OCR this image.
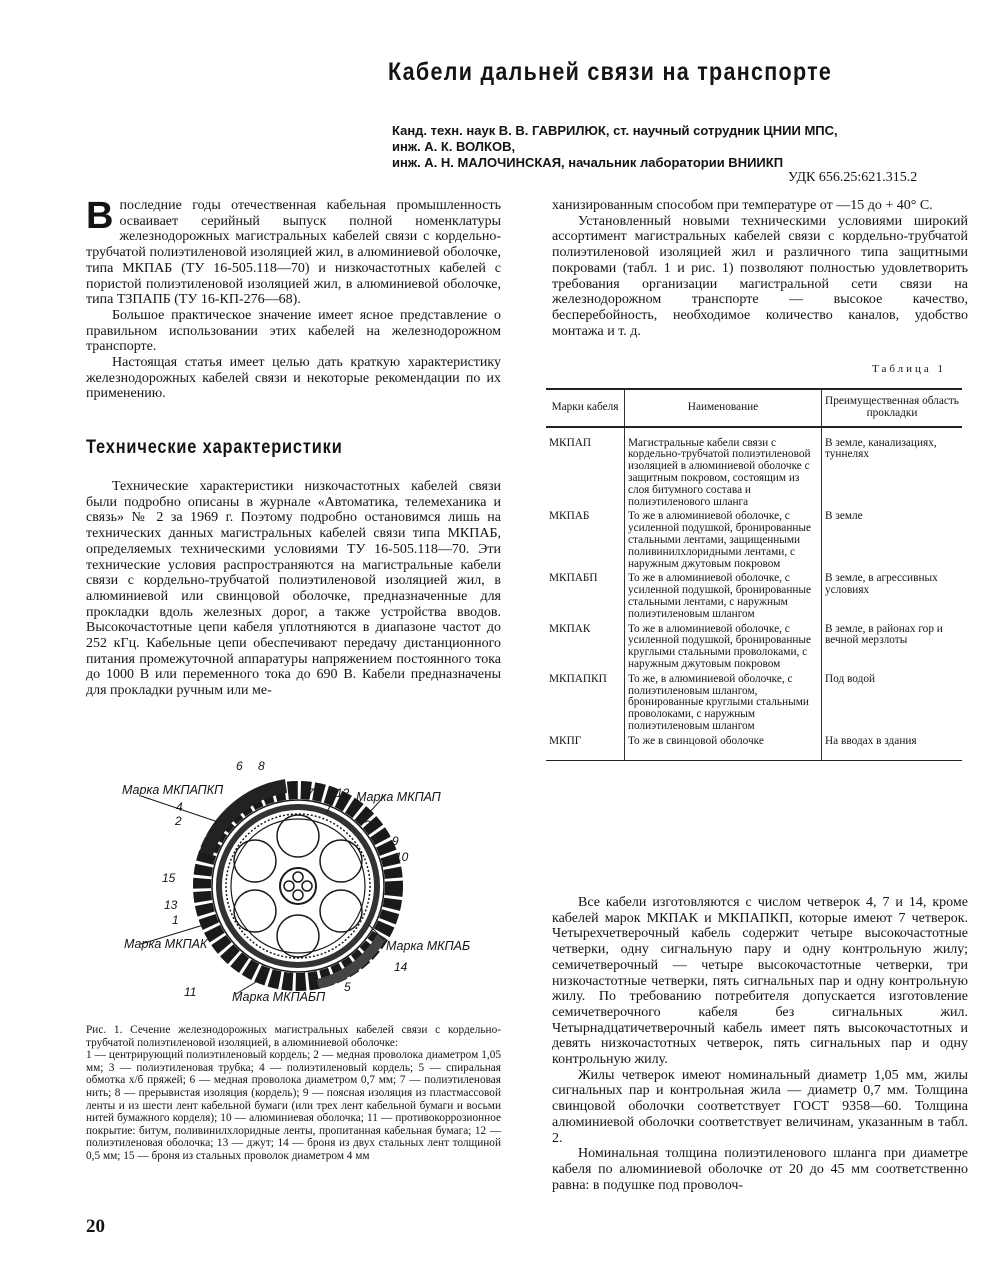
Кабели дальней связи на транспорте
Канд. техн. наук В. В. ГАВРИЛЮК, ст. научный сотрудник ЦНИИ МПС,
инж. А. К. ВОЛКОВ,
инж. А. Н. МАЛОЧИНСКАЯ, начальник лаборатории ВНИИКП
УДК 656.25:621.315.2

Впоследние годы отечественная кабельная промышленность осваивает серийный выпуск полной номенклатуры железнодорожных магистральных кабелей связи с кордельно-трубчатой полиэтиленовой изоляцией жил, в алюминиевой оболочке, типа МКПАБ (ТУ 16-505.118—70) и низкочастотных кабелей с пористой полиэтиленовой изоляцией жил, в алюминиевой оболочке, типа ТЗПАПБ (ТУ 16-КП-276—68).

Большое практическое значение имеет ясное представление о правильном использовании этих кабелей на железнодорожном транспорте.

Настоящая статья имеет целью дать краткую характеристику железнодорожных кабелей связи и некоторые рекомендации по их применению.

Технические характеристики

Технические характеристики низкочастотных кабелей связи были подробно описаны в журнале «Автоматика, телемеханика и связь» № 2 за 1969 г. Поэтому подробно остановимся лишь на технических данных магистральных кабелей связи типа МКПАБ, определяемых техническими условиями ТУ 16-505.118—70. Эти технические условия распространяются на магистральные кабели связи с кордельно-трубчатой полиэтиленовой изоляцией жил, в алюминиевой или свинцовой оболочке, предназначенные для прокладки вдоль железных дорог, а также устройства вводов. Высокочастотные цепи кабеля уплотняются в диапазоне частот до 252 кГц. Кабельные цепи обеспечивают передачу дистанционного питания промежуточной аппаратуры напряжением постоянного тока до 1000 В или переменного тока до 690 В. Кабели предназначены для прокладки ручным или ме-

Марка МКПАПКП	Марка МКПАП
Марка МКПАК	Марка МКПАБ
Марка МКПАБП
1
2	3
4
5
6
7
8
9
10
11
12
13
14
15

Рис. 1. Сечение железнодорожных магистральных кабелей связи с кордельно-трубчатой полиэтиленовой изоляцией, в алюминиевой оболочке:

1 — центрирующий полиэтиленовый кордель; 2 — медная проволока диаметром 1,05 мм; 3 — полиэтиленовая трубка; 4 — полиэтиленовый кордель; 5 — спиральная обмотка х/б пряжей; 6 — медная проволока диаметром 0,7 мм; 7 — полиэтиленовая нить; 8 — прерывистая изоляция (кордель); 9 — поясная изоляция из пластмассовой ленты и из шести лент кабельной бумаги (или трех лент кабельной бумаги и восьми нитей бумажного корделя); 10 — алюминиевая оболочка; 11 — противокоррозионное покрытие: битум, поливинилхлоридные ленты, пропитанная кабельная бумага; 12 — полиэтиленовая оболочка; 13 — джут; 14 — броня из двух стальных лент толщиной 0,5 мм; 15 — броня из стальных проволок диаметром 4 мм

20

ханизированным способом при температуре от —15 до + 40° С.

Установленный новыми техническими условиями широкий ассортимент магистральных кабелей связи с кордельно-трубчатой полиэтиленовой изоляцией жил и различного типа защитными покровами (табл. 1 и рис. 1) позволяют полностью удовлетворить требования организации магистральной сети связи на железнодорожном транспорте — высокое качество, бесперебойность, необходимое количество каналов, удобство монтажа и т. д.

Таблица 1
Марки кабеля	Наименование	Преимущественная область прокладки
МКПАП	Магистральные кабели связи с кордельно-трубчатой полиэтиленовой изоляцией в алюминиевой оболочке с защитным покровом, состоящим из слоя битумного состава и полиэтиленового шланга	В земле, канализациях, туннелях
МКПАБ	То же в алюминиевой оболочке, с усиленной подушкой, бронированные стальными лентами, защищенными поливинилхлоридными лентами, с наружным джутовым покровом	В земле
МКПАБП	То же в алюминиевой оболочке, с усиленной подушкой, бронированные стальными лентами, с наружным полиэтиленовым шлангом	В земле, в агрессивных условиях
МКПАК	То же в алюминиевой оболочке, с усиленной подушкой, бронированные круглыми стальными проволоками, с наружным джутовым покровом	В земле, в районах гор и вечной мерзлоты
МКПАПКП	То же, в алюминиевой оболочке, с полиэтиленовым шлангом, бронированные круглыми стальными проволоками, с наружным полиэтиленовым шлангом	Под водой
МКПГ	То же в свинцовой оболочке	На вводах в здания

Все кабели изготовляются с числом четверок 4, 7 и 14, кроме кабелей марок МКПАК и МКПАПКП, которые имеют 7 четверок. Четырехчетверочный кабель содержит четыре высокочастотные четверки, одну сигнальную пару и одну контрольную жилу; семичетверочный — четыре высокочастотные четверки, три низкочастотные четверки, пять сигнальных пар и одну контрольную жилу. По требованию потребителя допускается изготовление семичетверочного кабеля без сигнальных жил. Четырнадцатичетверочный кабель имеет пять высокочастотных и девять низкочастотных четверок, пять сигнальных пар и одну контрольную жилу.

Жилы четверок имеют номинальный диаметр 1,05 мм, жилы сигнальных пар и контрольная жила — диаметр 0,7 мм. Толщина свинцовой оболочки соответствует ГОСТ 9358—60. Толщина алюминиевой оболочки соответствует величинам, указанным в табл. 2.

Номинальная толщина полиэтиленового шланга при диаметре кабеля по алюминиевой оболочке от 20 до 45 мм соответственно равна: в подушке под проволоч-
